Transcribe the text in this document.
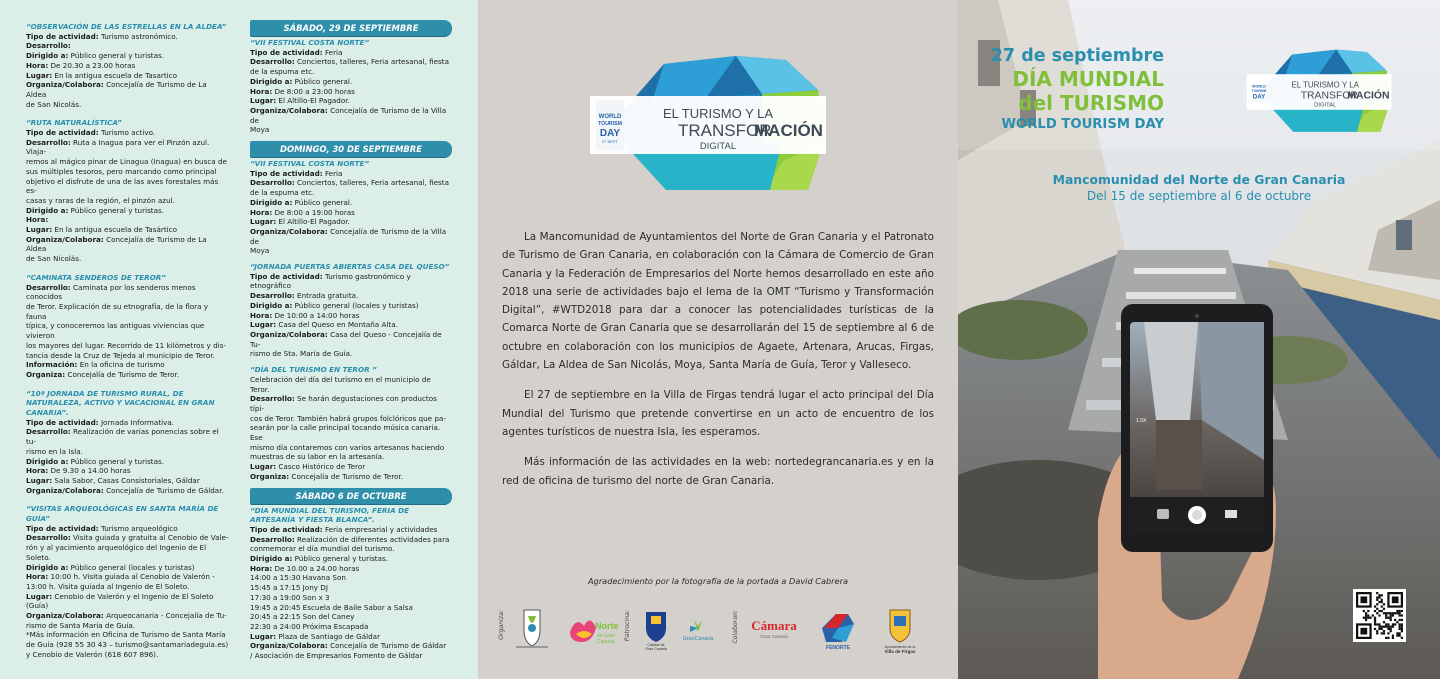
“OBSERVACIÓN DE LAS ESTRELLAS EN LA ALDEA”
Tipo de actividad: Turismo astronómico.
Desarrollo:
Dirigido a: Público general y turistas.
Hora: De 20.30 a 23.00 horas
Lugar: En la antigua escuela de Tasartico
Organiza/Colabora: Concejalía de Turismo de La Aldea
de San Nicolás.
“RUTA NATURALÍSTICA”
Tipo de actividad: Turismo activo.
Desarrollo: Ruta a Inagua para ver el Pinzón azul. Viaja-
remos al mágico pinar de Linagua (Inagua) en busca de
sus múltiples tesoros, pero marcando como principal
objetivo el disfrute de una de las aves forestales más es-
casas y raras de la región, el pinzón azul.
Dirigido a: Público general y turistas.
Hora:
Lugar: En la antigua escuela de Tasártico
Organiza/Colabora: Concejalía de Turismo de La Aldea
de San Nicolás.
“CAMINATA SENDEROS DE TEROR”
Desarrollo: Caminata por los senderos menos conocidos
de Teror. Explicación de su etnografía, de la flora y fauna
típica, y conoceremos las antiguas viviencias que vivieron
los mayores del lugar. Recorrido de 11 kilómetros y dis-
tancia desde la Cruz de Tejeda al municipio de Teror.
Información: En la oficina de turismo
Organiza: Concejalía de Turismo de Teror.
“10ª JORNADA DE TURISMO RURAL, DE NATURALEZA, ACTIVO Y VACACIONAL EN GRAN CANARIA”.
Tipo de actividad: Jornada Informativa.
Desarrollo: Realización de varias ponencias sobre el tu-
rismo en la Isla.
Dirigido a: Público general y turistas.
Hora: De 9.30 a 14.00 horas
Lugar: Sala Sabor, Casas Consistoriales, Gáldar
Organiza/Colabora: Concejalía de Turismo de Gáldar.
“VISITAS ARQUEOLÓGICAS EN SANTA MARÍA DE GUÍA”
Tipo de actividad: Turismo arqueológico
Desarrollo: Visita guiada y gratuita al Cenobio de Vale-
rón y al yacimiento arqueológico del Ingenio de El Soleto.
Dirigido a: Público general (locales y turistas)
Hora: 10:00 h. Visita guiada al Cenobio de Valerón -
13:00 h. Visita guiada al Ingenio de El Soleto.
Lugar: Cenobio de Valerón y el Ingenio de El Soleto
(Guía)
Organiza/Colabora: Arqueocanaria - Concejalía de Tu-
rismo de Santa María de Guía.
*Más información en Oficina de Turismo de Santa María
de Guía (928 55 30 43 – turismo@santamariadeguia.es)
y Cenobio de Valerón (618 607 896).
SÁBADO, 29 DE SEPTIEMBRE
“VII FESTIVAL COSTA NORTE”
Tipo de actividad: Feria
Desarrollo: Conciertos, talleres, Feria artesanal, fiesta
de la espuma etc.
Dirigido a: Público general.
Hora: De 8:00 a 23:00 horas
Lugar: El Altillo-El Pagador.
Organiza/Colabora: Concejalía de Turismo de la Villa de
Moya
DOMINGO, 30 DE SEPTIEMBRE
“VII FESTIVAL COSTA NORTE”
Tipo de actividad: Feria
Desarrollo: Conciertos, talleres, Feria artesanal, fiesta
de la espuma etc.
Dirigido a: Público general.
Hora: De 8:00 a 19:00 horas
Lugar: El Altillo-El Pagador.
Organiza/Colabora: Concejalía de Turismo de la Villa de
Moya
“JORNADA PUERTAS ABIERTAS CASA DEL QUESO”
Tipo de actividad: Turismo gastronómico y etnográfico
Desarrollo: Entrada gratuita.
Dirigido a: Público general (locales y turistas)
Hora: De 10:00 a 14:00 horas
Lugar: Casa del Queso en Montaña Alta.
Organiza/Colabora: Casa del Queso - Concejalía de Tu-
rismo de Sta. María de Guía.
“DÍA DEL TURISMO EN TEROR ”
Celebración del día del turismo en el municipio de Teror.
Desarrollo: Se harán degustaciones con productos típi-
cos de Teror. También habrá grupos folclóricos que pa-
searán por la calle principal tocando música canaria. Ese
mismo día contaremos con varios artesanos haciendo
muestras de su labor en la artesanía.
Lugar: Casco Histórico de Teror
Organiza: Concejalía de Turismo de Teror.
SÁBADO 6 DE OCTUBRE
“DÍA MUNDIAL DEL TURISMO, FERIA DE ARTESANÍA Y FIESTA BLANCA”.
Tipo de actividad: Feria empresarial y actividades
Desarrollo: Realización de diferentes actividades para
conmemorar el día mundial del turismo.
Dirigido a: Público general y turistas.
Hora: De 10.00 a 24.00 horas
14:00 a 15:30 Havana Son
15:45 a 17:15 Jony DJ
17:30 a 19:00 Son x 3
19:45 a 20:45 Escuela de Baile Sabor a Salsa
20:45 a 22:15 Son del Caney
22:30 a 24:00 Próxima Escapada
Lugar: Plaza de Santiago de Gáldar
Organiza/Colabora: Concejalía de Turismo de Gáldar
/ Asociación de Empresarios Fomento de Gáldar
WORLD
TOURISM
DAY
27 SEPT
EL TURISMO Y LA
TRANSFOR
MACIÓN
DIGITAL

La Mancomunidad de Ayuntamientos del Norte de Gran Canaria y el Patronato de Turismo de Gran Canaria, en colaboración con la Cámara de Comercio de Gran Canaria y la Federación de Empresarios del Norte hemos desarrollado en este año 2018 una serie de actividades bajo el lema de la OMT “Turismo y Transformación Digital”, #WTD2018 para dar a conocer las potencialidades turísticas de la Comarca Norte de Gran Canaria que se desarrollarán del 15 de septiembre al 6 de octubre en colaboración con los municipios de Agaete, Artenara, Arucas, Firgas, Gáldar, La Aldea de San Nicolás, Moya, Santa María de Guía, Teror y Valleseco.

El 27 de septiembre en la Villa de Firgas tendrá lugar el acto principal del Día Mundial del Turismo que pretende convertirse en un acto de encuentro de los agentes turísticos de nuestra Isla, les esperamos.

Más información de las actividades en la web: nortedegrancanaria.es y en la red de oficina de turismo del norte de Gran Canaria.

Agradecimiento por la fotografía de la portada a David Cabrera
Organiza:	Norte
de Gran
Canaria
Patrocina:
Cabildo de
Gran Canaria
GranCanaria	Colaboran: Cámara
Gran Canaria
FENORTE	Ayuntamiento de la
Villa de Firgas
1.0X
27 de septiembre
DÍA MUNDIAL
del TURISMO
WORLD TOURISM DAY
WORLD
TOURISM
DAY
EL TURISMO Y LA
TRANSFOR
MACIÓN
DIGITAL
Mancomunidad del Norte de Gran Canaria
Del 15 de septiembre al 6 de octubre
